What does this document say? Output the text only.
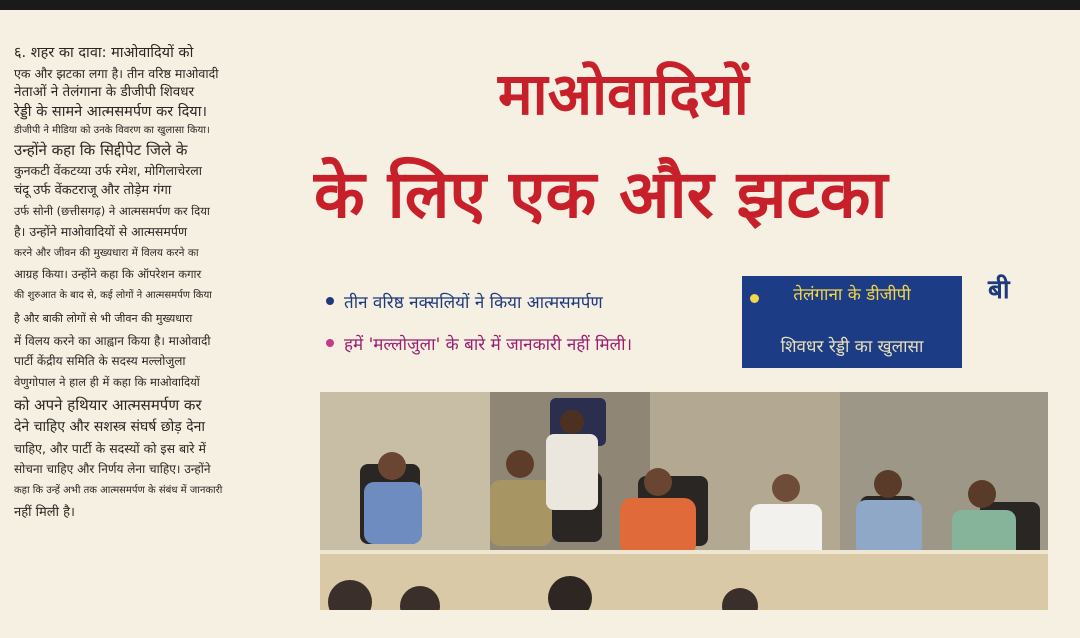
६. शहर का दावा: माओवादियों को

एक और झटका लगा है। तीन वरिष्ठ माओवादी

नेताओं ने तेलंगाना के डीजीपी शिवधर

रेड्डी के सामने आत्मसमर्पण कर दिया।

डीजीपी ने मीडिया को उनके विवरण का खुलासा किया।

उन्होंने कहा कि सिद्दीपेट जिले के

कुनकटी वेंकटय्या उर्फ रमेश, मोगिलाचेरला

चंदू उर्फ वेंकटराजू और तोड़ेम गंगा

उर्फ सोनी (छत्तीसगढ़) ने आत्मसमर्पण कर दिया

है। उन्होंने माओवादियों से आत्मसमर्पण

करने और जीवन की मुख्यधारा में विलय करने का

आग्रह किया। उन्होंने कहा कि ऑपरेशन कगार

की शुरुआत के बाद से, कई लोगों ने आत्मसमर्पण किया

है और बाकी लोगों से भी जीवन की मुख्यधारा

में विलय करने का आह्वान किया है। माओवादी

पार्टी केंद्रीय समिति के सदस्य मल्लोजुला

वेणुगोपाल ने हाल ही में कहा कि माओवादियों

को अपने हथियार आत्मसमर्पण कर

देने चाहिए और सशस्त्र संघर्ष छोड़ देना

चाहिए, और पार्टी के सदस्यों को इस बारे में

सोचना चाहिए और निर्णय लेना चाहिए। उन्होंने

कहा कि उन्हें अभी तक आत्मसमर्पण के संबंध में जानकारी

नहीं मिली है।

माओवादियों
के लिए एक और झटका
तीन वरिष्ठ नक्सलियों ने किया आत्मसमर्पण
हमें 'मल्लोजुला' के बारे में जानकारी नहीं मिली।
तेलंगाना के डीजीपी
शिवधर रेड्डी का खुलासा
बी
